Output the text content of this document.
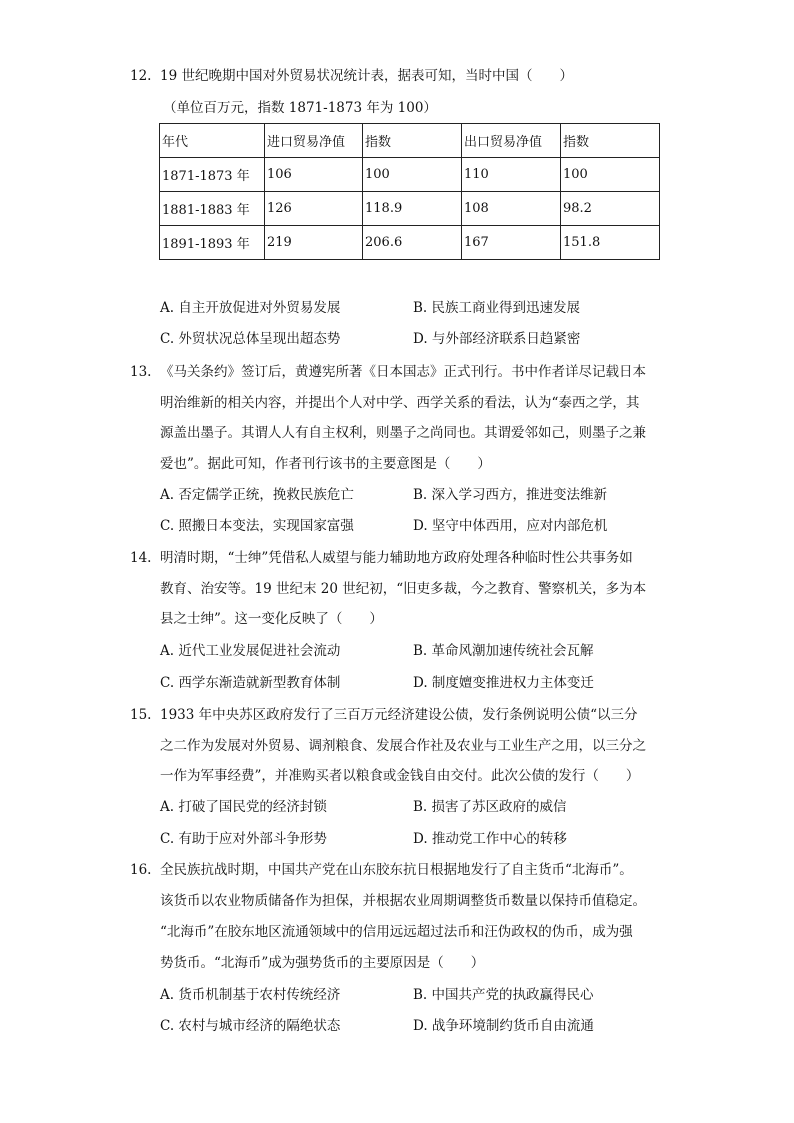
12. 19 世纪晚期中国对外贸易状况统计表，据表可知，当时中国（　　）
（单位百万元，指数 1871-1873 年为 100）
年代	进口贸易净值	指数	出口贸易净值	指数
1871-1873 年	106	100	110	100
1881-1883 年	126	118.9	108	98.2
1891-1893 年	219	206.6	167	151.8
A. 自主开放促进对外贸易发展	B. 民族工商业得到迅速发展
C. 外贸状况总体呈现出超态势	D. 与外部经济联系日趋紧密
13. 《马关条约》签订后，黄遵宪所著《日本国志》正式刊行。书中作者详尽记载日本
明治维新的相关内容，并提出个人对中学、西学关系的看法，认为“泰西之学，其
源盖出墨子。其谓人人有自主权利，则墨子之尚同也。其谓爱邻如己，则墨子之兼
爱也”。据此可知，作者刊行该书的主要意图是（　　）
A. 否定儒学正统，挽救民族危亡	B. 深入学习西方，推进变法维新
C. 照搬日本变法，实现国家富强	D. 坚守中体西用，应对内部危机
14. 明清时期，“士绅”凭借私人威望与能力辅助地方政府处理各种临时性公共事务如
教育、治安等。19 世纪末 20 世纪初，“旧吏多裁，今之教育、警察机关，多为本
县之士绅”。这一变化反映了（　　）
A. 近代工业发展促进社会流动	B. 革命风潮加速传统社会瓦解
C. 西学东渐造就新型教育体制	D. 制度嬗变推进权力主体变迁
15. 1933 年中央苏区政府发行了三百万元经济建设公债，发行条例说明公债“以三分
之二作为发展对外贸易、调剂粮食、发展合作社及农业与工业生产之用，以三分之
一作为军事经费”，并准购买者以粮食或金钱自由交付。此次公债的发行（　　）
A. 打破了国民党的经济封锁	B. 损害了苏区政府的威信
C. 有助于应对外部斗争形势	D. 推动党工作中心的转移
16. 全民族抗战时期，中国共产党在山东胶东抗日根据地发行了自主货币“北海币”。
该货币以农业物质储备作为担保，并根据农业周期调整货币数量以保持币值稳定。
“北海币”在胶东地区流通领域中的信用远远超过法币和汪伪政权的伪币，成为强
势货币。“北海币”成为强势货币的主要原因是（　　）
A. 货币机制基于农村传统经济	B. 中国共产党的执政赢得民心
C. 农村与城市经济的隔绝状态	D. 战争环境制约货币自由流通
